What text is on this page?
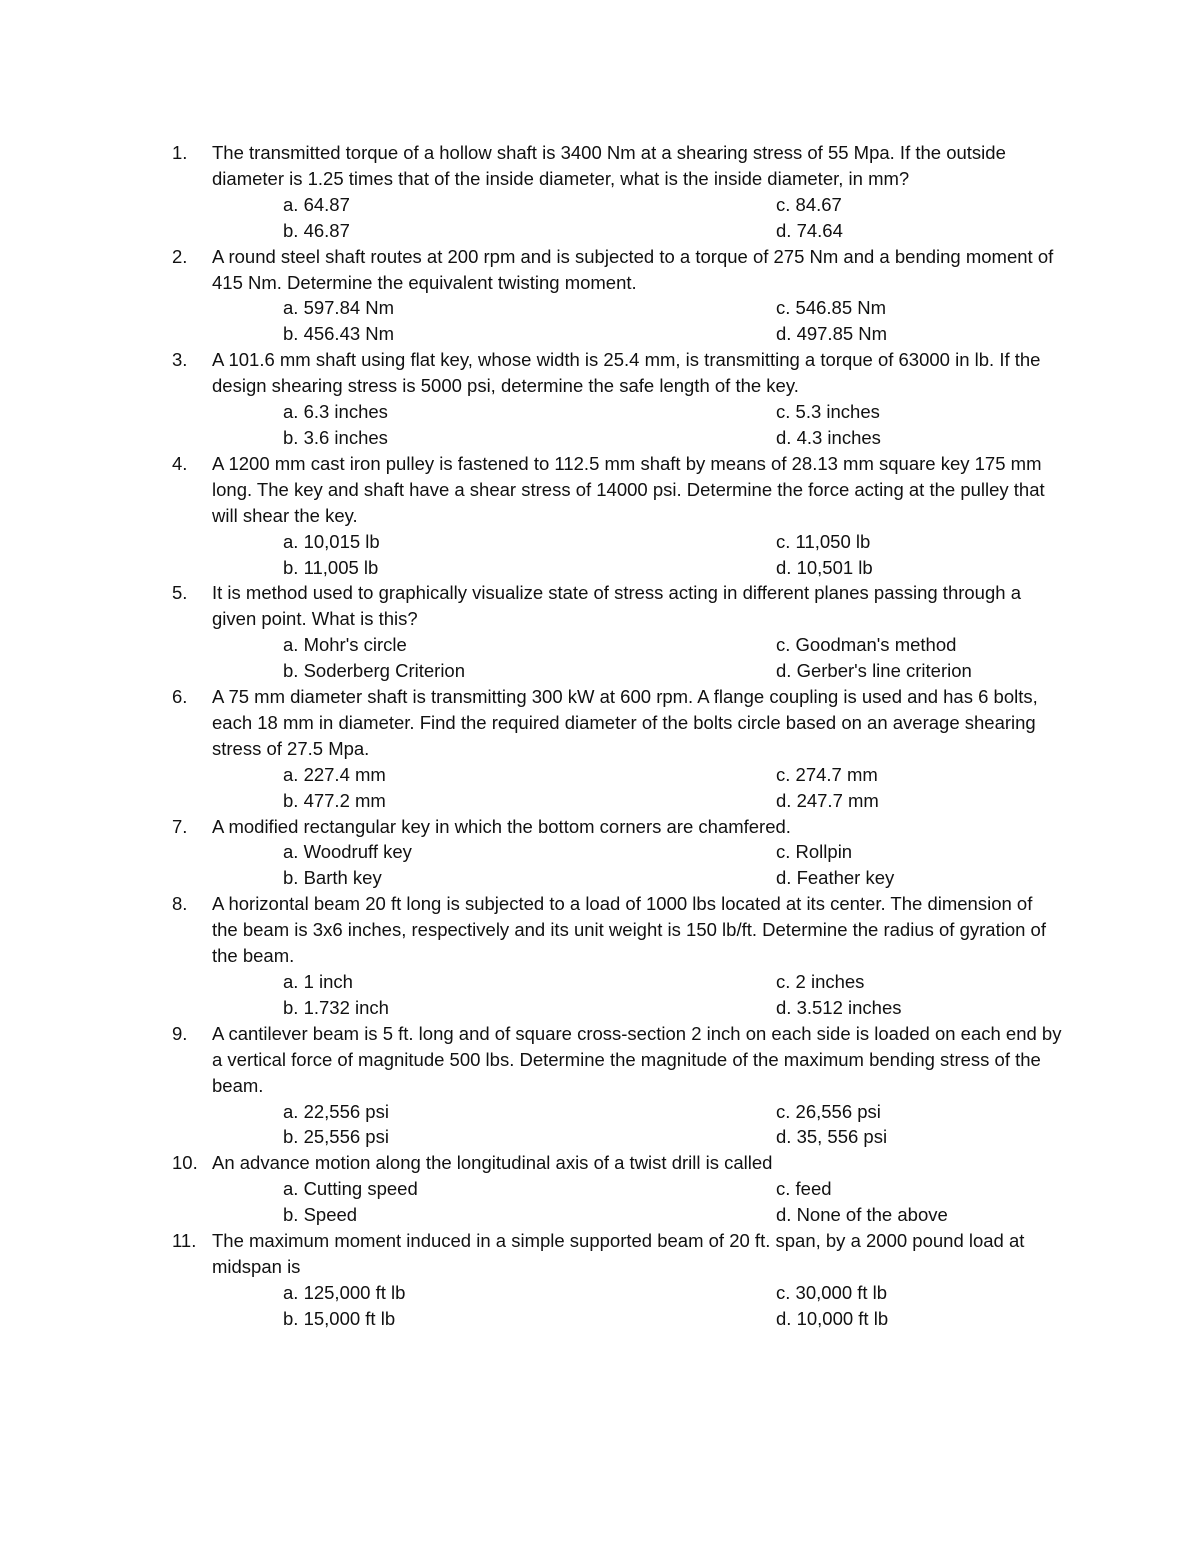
1.	The transmitted torque of a hollow shaft is 3400 Nm at a shearing stress of 55 Mpa. If the outside diameter is 1.25 times that of the inside diameter, what is the inside diameter, in mm?
a. 64.87	c. 84.67
b. 46.87	d. 74.64
2.	A round steel shaft routes at 200 rpm and is subjected to a torque of 275 Nm and a bending moment of 415 Nm. Determine the equivalent twisting moment.
a. 597.84 Nm	c. 546.85 Nm
b. 456.43 Nm	d. 497.85 Nm
3.	A 101.6 mm shaft using flat key, whose width is 25.4 mm, is transmitting a torque of 63000 in lb. If the design shearing stress is 5000 psi, determine the safe length of the key.
a. 6.3 inches	c. 5.3 inches
b. 3.6 inches	d. 4.3 inches
4.	A 1200 mm cast iron pulley is fastened to 112.5 mm shaft by means of 28.13 mm square key 175 mm long. The key and shaft have a shear stress of 14000 psi. Determine the force acting at the pulley that will shear the key.
a. 10,015 lb	c. 11,050 lb
b. 11,005 lb	d. 10,501 lb
5.	It is method used to graphically visualize state of stress acting in different planes passing through a given point. What is this?
a. Mohr's circle	c. Goodman's method
b. Soderberg Criterion	d. Gerber's line criterion
6.	A 75 mm diameter shaft is transmitting 300 kW at 600 rpm. A flange coupling is used and has 6 bolts, each 18 mm in diameter. Find the required diameter of the bolts circle based on an average shearing stress of 27.5 Mpa.
a. 227.4 mm	c. 274.7 mm
b. 477.2 mm	d. 247.7 mm
7.	A modified rectangular key in which the bottom corners are chamfered.
a. Woodruff key	c. Rollpin
b. Barth key	d. Feather key
8.	A horizontal beam 20 ft long is subjected to a load of 1000 lbs located at its center. The dimension of the beam is 3x6 inches, respectively and its unit weight is 150 lb/ft. Determine the radius of gyration of the beam.
a. 1 inch	c. 2 inches
b. 1.732 inch	d. 3.512 inches
9.	A cantilever beam is 5 ft. long and of square cross-section 2 inch on each side is loaded on each end by a vertical force of magnitude 500 lbs. Determine the magnitude of the maximum bending stress of the beam.
a. 22,556 psi	c. 26,556 psi
b. 25,556 psi	d. 35, 556 psi
10. An advance motion along the longitudinal axis of a twist drill is called
a. Cutting speed	c. feed
b. Speed	d. None of the above
11. The maximum moment induced in a simple supported beam of 20 ft. span, by a 2000 pound load at midspan is
a. 125,000 ft lb	c. 30,000 ft lb
b. 15,000 ft lb	d. 10,000 ft lb
